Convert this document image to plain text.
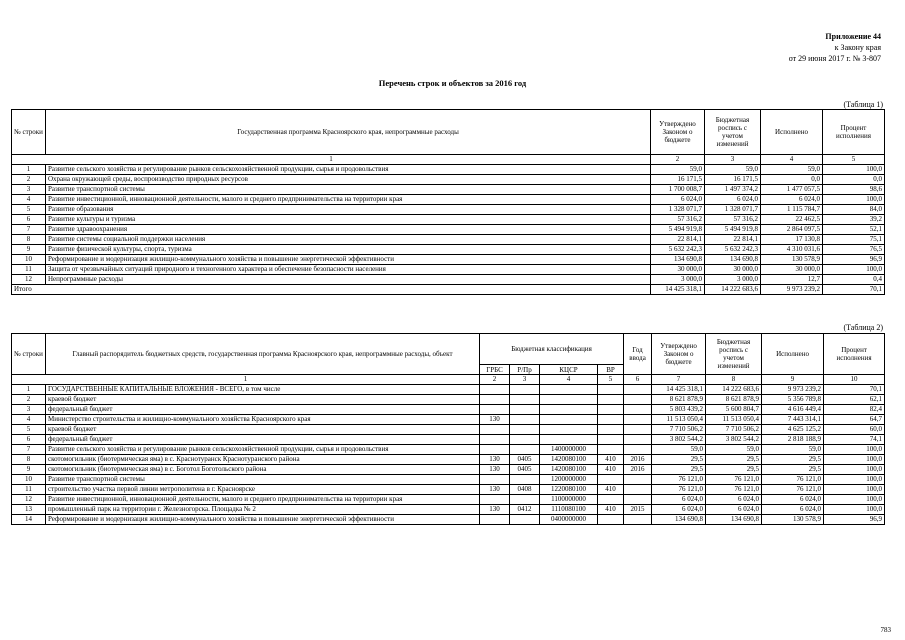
Приложение 44
к Закону края
от 29 июня 2017 г. № 3-807
Перечень строк и объектов за 2016 год
(Таблица 1)
№ строки	Государственная программа Красноярского края, непрограммные расходы	Утверждено Законом о бюджете	Бюджетная роспись с учетом изменений	Исполнено	Процент исполнения
1		2	3	4	5
1	Развитие сельского хозяйства и регулирование рынков сельскохозяйственной продукции, сырья и продовольствия	59,0	59,0	59,0	100,0
2	Охрана окружающей среды, воспроизводство природных ресурсов	16 171,5	16 171,5	0,0	0,0
3	Развитие транспортной системы	1 700 008,7	1 497 374,2	1 477 057,5	98,6
4	Развитие инвестиционной, инновационной деятельности, малого и среднего предпринимательства на территории края	6 024,0	6 024,0	6 024,0	100,0
5	Развитие образования	1 328 071,7	1 328 071,7	1 115 784,7	84,0
6	Развитие культуры и туризма	57 316,2	57 316,2	22 462,5	39,2
7	Развитие здравоохранения	5 494 919,8	5 494 919,8	2 864 097,5	52,1
8	Развитие системы социальной поддержки населения	22 814,1	22 814,1	17 130,8	75,1
9	Развитие физической культуры, спорта, туризма	5 632 242,3	5 632 242,3	4 310 031,6	76,5
10	Реформирование и модернизация жилищно-коммунального хозяйства и повышение энергетической эффективности	134 690,8	134 690,8	130 578,9	96,9
11	Защита от чрезвычайных ситуаций природного и техногенного характера и обеспечение безопасности населения	30 000,0	30 000,0	30 000,0	100,0
12	Непрограммные расходы	3 000,0	3 000,0	12,7	0,4
Итого		14 425 318,1	14 222 683,6	9 973 239,2	70,1
(Таблица 2)
№ строки	Главный распорядитель бюджетных средств, государственная программа Красноярского края, непрограммные расходы, объект	Бюджетная классификация				Год ввода	Утверждено Законом о бюджете	Бюджетная роспись с учетом изменений	Исполнено	Процент исполнения
		ГРБС	Р/Пр	КЦСР	ВР					
1		2	3	4	5	6	7	8	9	10
1	ГОСУДАРСТВЕННЫЕ КАПИТАЛЬНЫЕ ВЛОЖЕНИЯ - ВСЕГО, в том числе						14 425 318,1	14 222 683,6	9 973 239,2	70,1
2	краевой бюджет						8 621 878,9	8 621 878,9	5 356 789,8	62,1
3	федеральный бюджет						5 803 439,2	5 600 804,7	4 616 449,4	82,4
4	Министерство строительства и жилищно-коммунального хозяйства Красноярского края	130					11 513 050,4	11 513 050,4	7 443 314,1	64,7
5	краевой бюджет						7 710 506,2	7 710 506,2	4 625 125,2	60,0
6	федеральный бюджет						3 802 544,2	3 802 544,2	2 818 188,9	74,1
7	Развитие сельского хозяйства и регулирование рынков сельскохозяйственной продукции, сырья и продовольствия			1400000000			59,0	59,0	59,0	100,0
8	скотомогильник (биотермическая яма) в с. Краснотуранск Краснотуранского района	130	0405	1420080100	410	2016	29,5	29,5	29,5	100,0
9	скотомогильник (биотермическая яма) в с. Боготол Боготольского района	130	0405	1420080100	410	2016	29,5	29,5	29,5	100,0
10	Развитие транспортной системы			1200000000			76 121,0	76 121,0	76 121,0	100,0
11	строительство участка первой линии метрополитена в г. Красноярске	130	0408	1220080100	410		76 121,0	76 121,0	76 121,0	100,0
12	Развитие инвестиционной, инновационной деятельности, малого и среднего предпринимательства на территории края			1100000000			6 024,0	6 024,0	6 024,0	100,0
13	промышленный парк на территории г. Железногорска. Площадка № 2	130	0412	1110080100	410	2015	6 024,0	6 024,0	6 024,0	100,0
14	Реформирование и модернизация жилищно-коммунального хозяйства и повышение энергетической эффективности			0400000000			134 690,8	134 690,8	130 578,9	96,9
783
